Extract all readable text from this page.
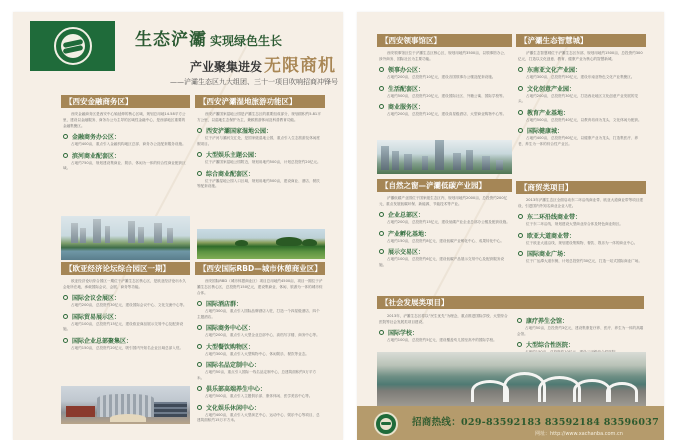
生态浐灞 实现绿色生长
产业聚集进发 无限商机
——浐灞生态区九大组团、三十一项目吹响招商冲锋号
【西安金融商务区】
西安金融商务区是西安中心轴延伸的核心区域，规划总用地14.58平方公里，建设以金融服务、商务办公为主导的区域性金融中心，是西部地区重要的金融集聚区。
金融商务办公区：
占地约400亩，重点引入金融机构地区总部、商务办公及配套服务设施。
滨河商业配套区：
占地约750亩，规划建设集商业、娱乐、休闲为一体的综合性商业配套区域。
【欧亚经济论坛综合园区一期】
欧亚经济论坛综合园区一期位于浐灞生态区核心区，是欧亚经济论坛永久会址所在地，承载国际会议、会展、商务等功能。
国际会议会展区：
占地约200亩，总投资约30亿元，建设国际会议中心、文化交流中心等。
国际贸易展示区：
占地约100亩，总投资约15亿元，建设欧亚商品展示交易中心及配套设施。
国际企业总部聚集区：
占地约150亩，总投资约20亿元，吸引国内外知名企业区域总部入驻。
【西安浐灞湿地旅游功能区】
西安浐灞国家湿地公园是浐灞生态区的重要组成部分，规划面积约5.81平方公里，以湿地生态保护为主，兼顾旅游休闲及科普教育功能。
西安浐灞国家湿地公园：
位于浐河与灞河交汇处，是国家级湿地公园，重点引入生态旅游及休闲度假项目。
大型娱乐主题公园：
位于浐灞国家湿地公园附近，规划用地约500亩，计划总投资约20亿元。
综合商业配套区：
位于浐灞湿地公园入口区域，规划用地约500亩，建设商业、酒店、餐饮等配套设施。
【西安国际RBD—城市休憩商业区】
西安国际RBD（城市休憩商业区）项目总用地约4500亩，项目一期位于浐灞生态区核心区，总投资约150亿元，建设集商业、休闲、旅游为一体的城市综合体。
国际酒店群：
占地约300亩，重点引入国际品牌酒店入驻，打造一个四星级酒店、四个主题酒店。
国际商务中心区：
占地约200亩，重点引入大型企业总部中心、高档写字楼、商务中心等。
大型餐饮购物区：
占地约300亩，重点引入大型购物中心、休闲娱乐、餐饮等业态。
国际名品定制中心：
占地约50亩，重点引入国际一线名品定制中心，总建筑面积约5万平方米。
俱乐部高端养生中心：
占地约500亩，重点引入主题俱乐部、康体休闲、医学美容中心等。
文化娱乐休闲中心：
占地约400亩，重点引入大型演艺中心、运动中心、娱乐中心等项目，总建筑面积约15万平方米。
【西安领事馆区】
西安领事馆区位于浐灞生态区核心区，规划用地约3500亩，以领事馆办公、涉外商务、国际社区为主要功能。
领事办公区：
占地约200亩，总投资约10亿元，建设各国领事办公楼及配套设施。
生活配套区：
占地约500亩，总投资约20亿元，建设国际社区、外籍公寓、国际学校等。
商业服务区：
占地约200亩，总投资约10亿元，建设高星级酒店、大型商业购物中心等。
【自然之窗—浐灞低碳产业园】
浐灞低碳产业园位于国家级生态区内，规划用地约2000亩，总投资约200亿元，重点发展低碳环保、新能源、节能技术等产业。
企业总部区：
占地约200亩，总投资约15亿元，建设低碳产业企业总部办公楼及配套设施。
产业孵化基地：
占地约150亩，总投资约8亿元，建设低碳产业孵化中心、成果转化中心。
展示交易区：
占地约100亩，总投资约6亿元，建设低碳产品展示交易中心及配套服务设施。
【社会发展类项目】
2013年，浐灞生态区将以“民生优先”为理念，重点推进国际学校、大型综合医院等社会发展类项目建设。
国际学校：
占地约100亩，总投资约5亿元，建设覆盖幼儿园至高中的国际学校。
康疗养生会馆：
占地约50亩，总投资约3亿元，建设集康复疗养、医疗、养生为一体的高端会馆。
大型综合性医院：
【浐灞生态智慧城】
浐灞生态智慧城位于浐灞生态区东部，规划用地约1500亩，总投资约300亿元，打造以文化创意、教育、健康产业为核心的智慧新城。
东南亚文化产业园：
占地约300亩，总投资约50亿元，建设东南亚特色文化产业集聚区。
文化创意产业园：
占地约200亩，总投资约30亿元，打造西北地区文化创意产业发展的龙头。
教育产业基地：
占地约500亩，总投资约40亿元，以教育培训为龙头，文化休闲为配套。
国际健康城：
占地约400亩，总投资约60亿元，以健康产业为龙头，打造集医疗、养老、养生为一体的综合性产业区。
【商贸类项目】
2013年浐灞生态区全面启动东二环沿线商业带、欧亚大道商业带等项目建设，引进国内外知名商业企业入驻。
东二环沿线商业带：
位于东二环沿线，规划建设大型商业综合体及特色商业街区。
欧亚大道商业带：
位于欧亚大道沿线，规划建设集购物、餐饮、娱乐为一体的商业中心。
国际商业广场：
位于广运潭大道东侧，计划总投资约30亿元，打造一站式国际商业广场。
招商热线：029-83592183 83592184 83596037
网址：http://www.xachanba.com.cn
